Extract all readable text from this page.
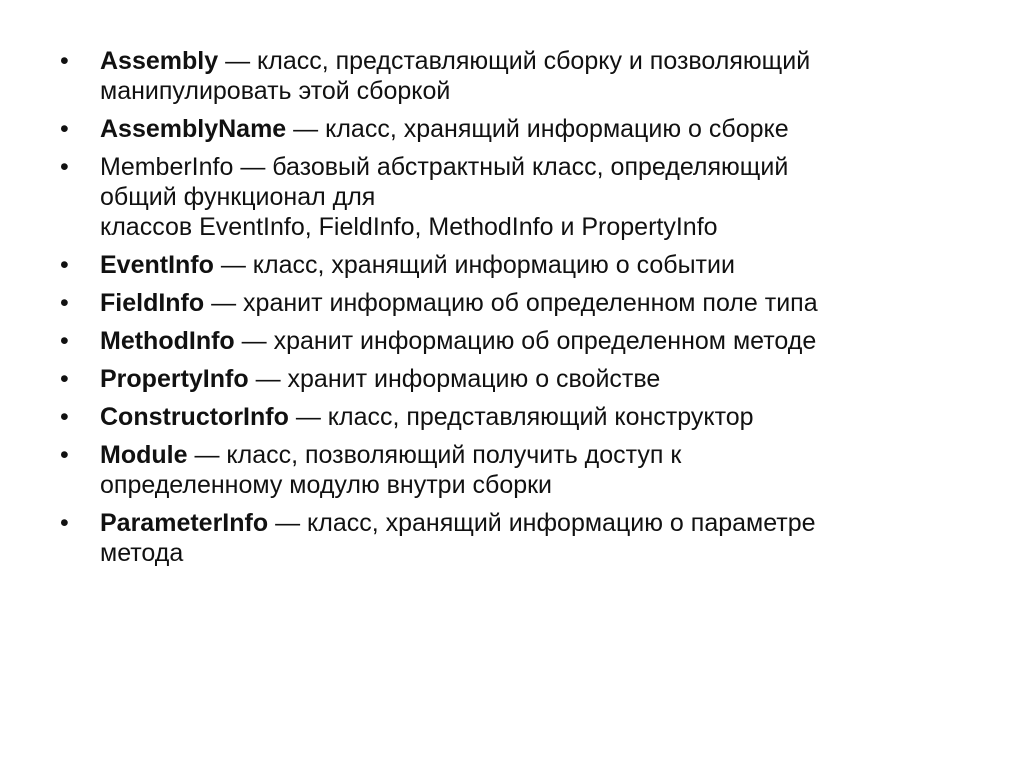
•	Assembly — класс, представляющий сборку и позволяющий
манипулировать этой сборкой
•	AssemblyName — класс, хранящий информацию о сборке
•	MemberInfo — базовый абстрактный класс, определяющий
общий функционал для
классов EventInfo, FieldInfo, MethodInfo и PropertyInfo
•	EventInfo — класс, хранящий информацию о событии
•	FieldInfo — хранит информацию об определенном поле типа
•	MethodInfo — хранит информацию об определенном методе
•	PropertyInfo — хранит информацию о свойстве
•	ConstructorInfo — класс, представляющий конструктор
•	Module — класс, позволяющий получить доступ к
определенному модулю внутри сборки
•	ParameterInfo — класс, хранящий информацию о параметре
метода
